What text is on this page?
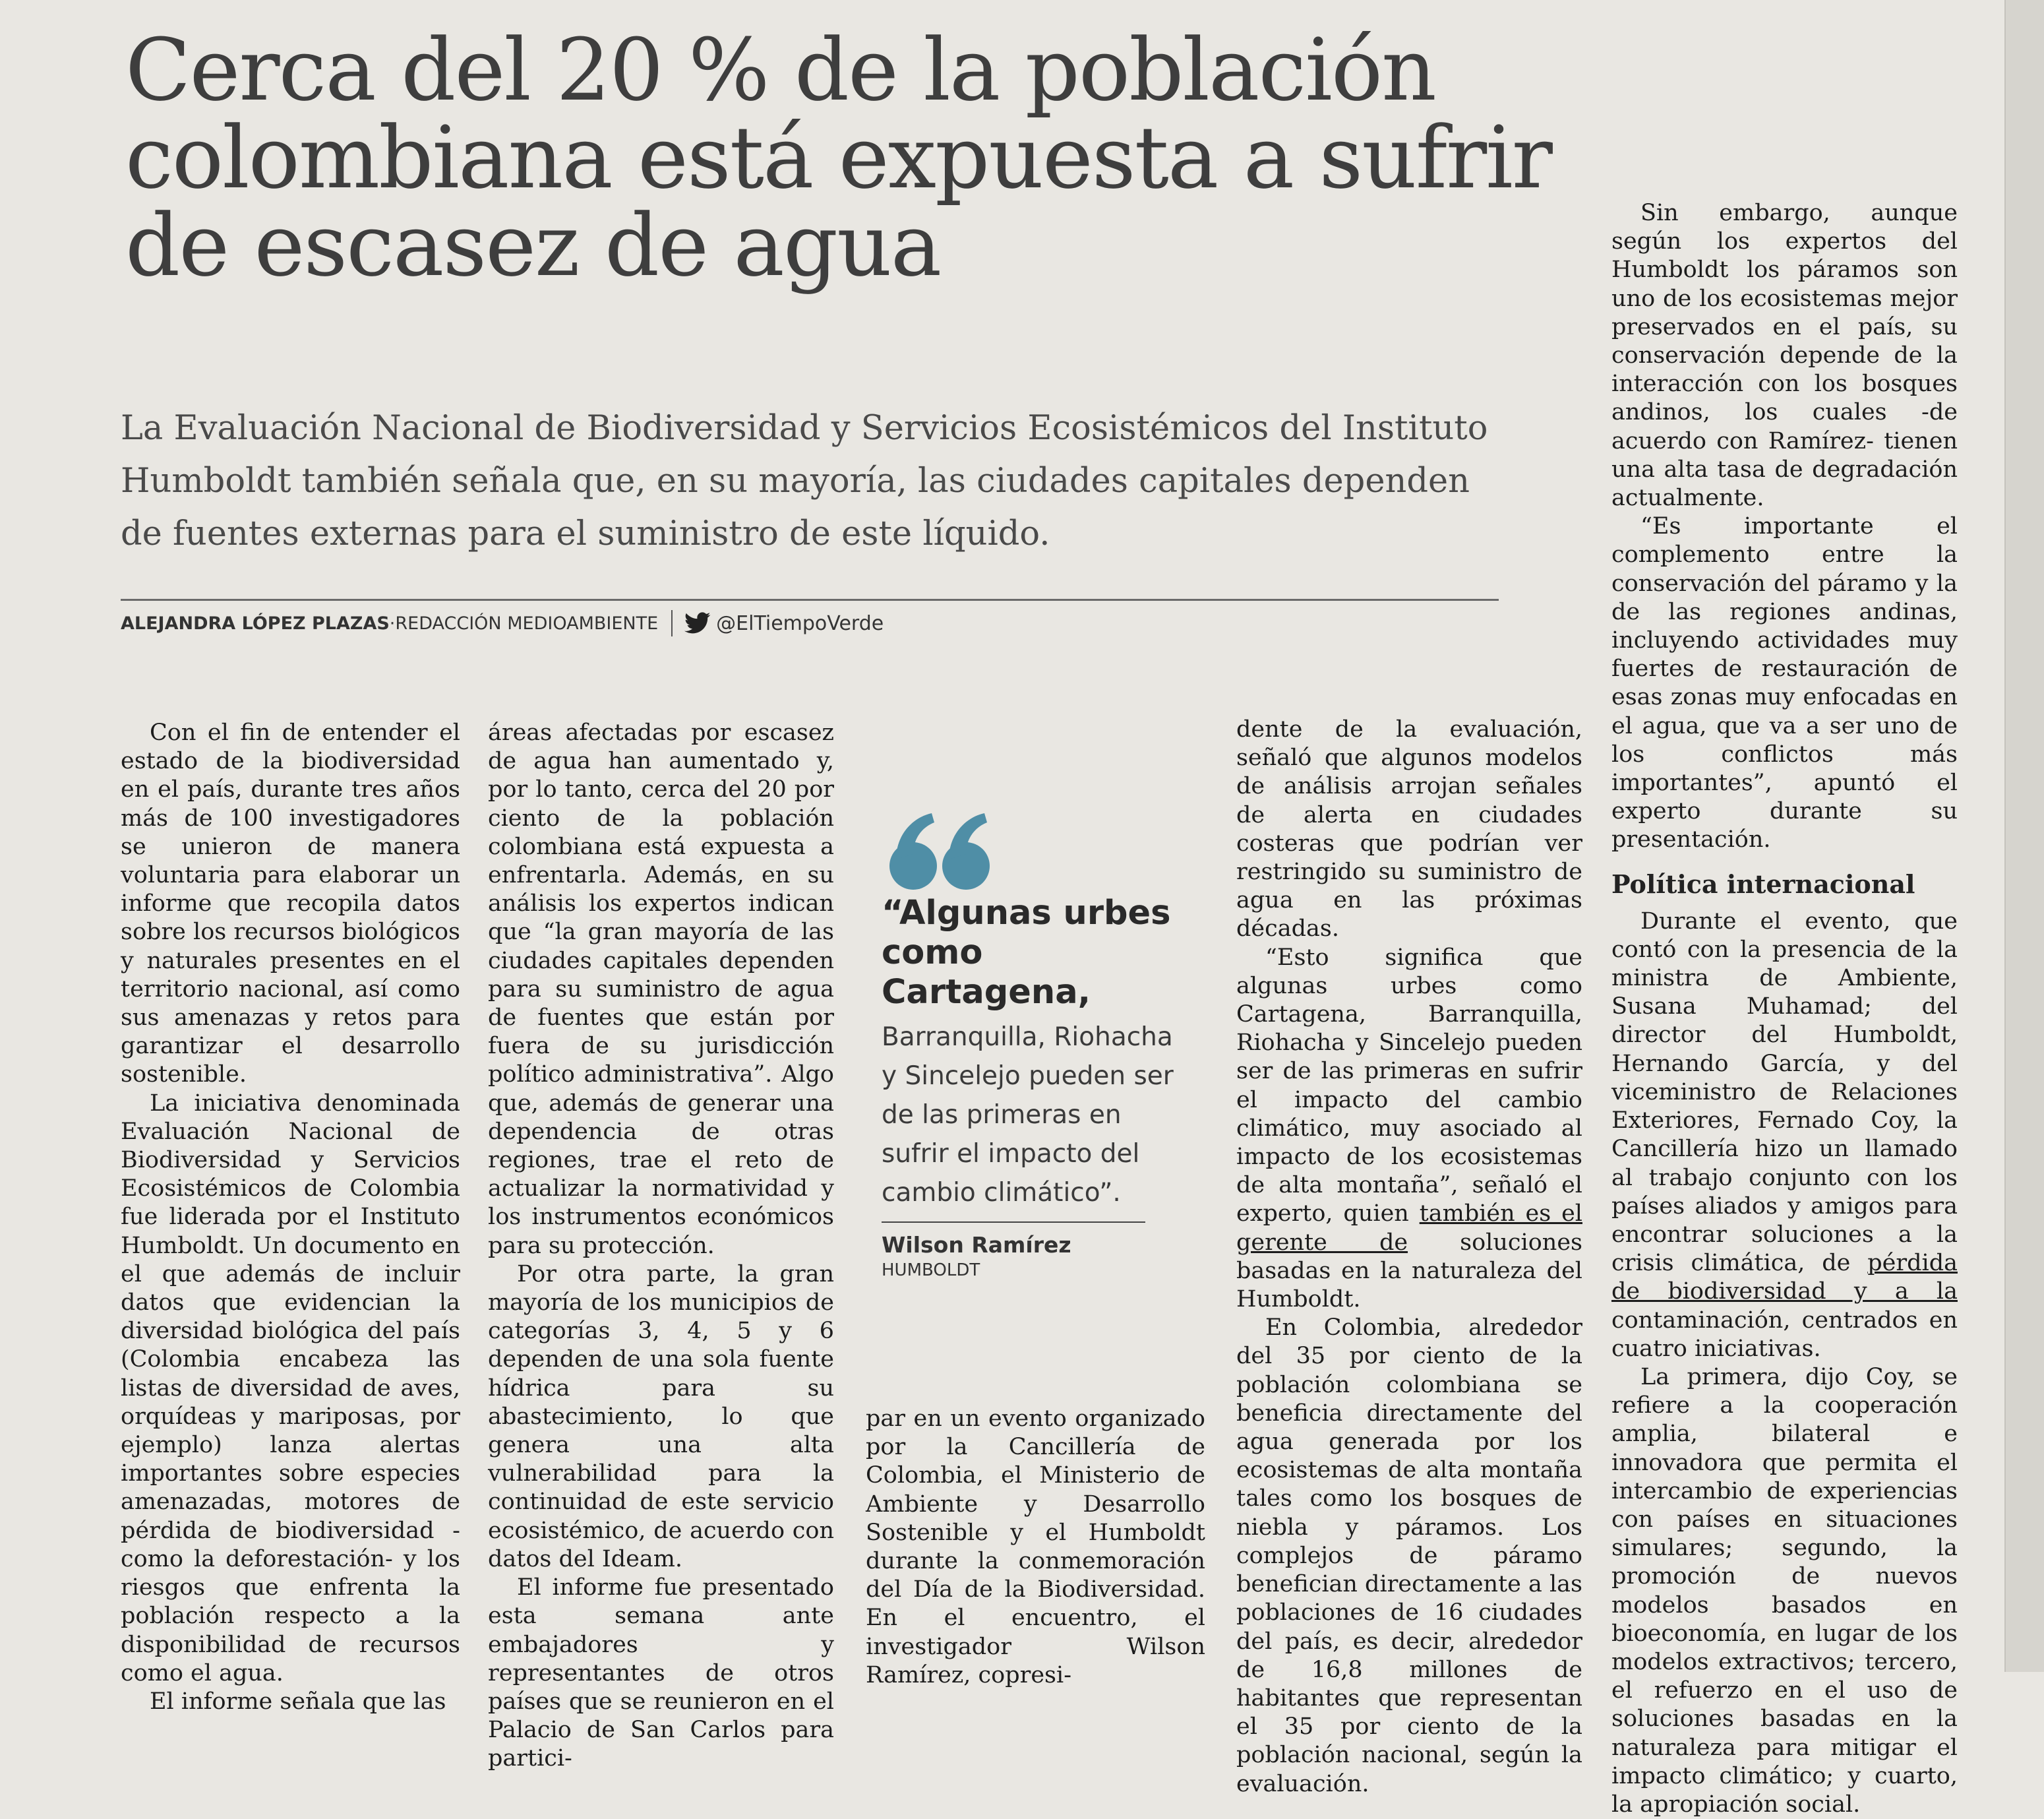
Cerca del 20 % de la población colombiana está expuesta a sufrir de escasez de agua

La Evaluación Nacional de Biodiversidad y Servicios Ecosistémicos del Instituto Humboldt también señala que, en su mayoría, las ciudades capitales dependen de fuentes externas para el suministro de este líquido.

ALEJANDRA LÓPEZ PLAZAS ·REDACCIÓN MEDIOAMBIENTE	@ElTiempoVerde

Con el fin de entender el estado de la biodiversidad en el país, durante tres años más de 100 investigadores se unieron de manera voluntaria para elaborar un informe que recopila datos sobre los recursos biológicos y naturales presentes en el territorio nacional, así como sus amenazas y retos para garantizar el desarrollo sostenible.

La iniciativa denominada Evaluación Nacional de Biodiversidad y Servicios Ecosistémicos de Colombia fue liderada por el Instituto Humboldt. Un documento en el que además de incluir datos que evidencian la diversidad biológica del país (Colombia encabeza las listas de diversidad de aves, orquídeas y mariposas, por ejemplo) lanza alertas importantes sobre especies amenazadas, motores de pérdida de biodiversidad -como la deforestación- y los riesgos que enfrenta la población respecto a la disponibilidad de recursos como el agua.

El informe señala que las

áreas afectadas por escasez de agua han aumentado y, por lo tanto, cerca del 20 por ciento de la población colombiana está expuesta a enfrentarla. Además, en su análisis los expertos indican que “la gran mayoría de las ciudades capitales dependen para su suministro de agua de fuentes que están por fuera de su jurisdicción político administrativa”. Algo que, además de generar una dependencia de otras regiones, trae el reto de actualizar la normatividad y los instrumentos económicos para su protección.

Por otra parte, la gran mayoría de los municipios de categorías 3, 4, 5 y 6 dependen de una sola fuente hídrica para su abastecimiento, lo que genera una alta vulnerabilidad para la continuidad de este servicio ecosistémico, de acuerdo con datos del Ideam.

El informe fue presentado esta semana ante embajadores y representantes de otros países que se reunieron en el Palacio de San Carlos para partici-

“Algunas urbes como Cartagena,

Barranquilla, Riohacha y Sincelejo pueden ser de las primeras en sufrir el impacto del cambio climático”.

Wilson Ramírez

HUMBOLDT

par en un evento organizado por la Cancillería de Colombia, el Ministerio de Ambiente y Desarrollo Sostenible y el Humboldt durante la conmemoración del Día de la Biodiversidad. En el encuentro, el investigador Wilson Ramírez, copresi-

dente de la evaluación, señaló que algunos modelos de análisis arrojan señales de alerta en ciudades costeras que podrían ver restringido su suministro de agua en las próximas décadas.

“Esto significa que algunas urbes como Cartagena, Barranquilla, Riohacha y Sincelejo pueden ser de las primeras en sufrir el impacto del cambio climático, muy asociado al impacto de los ecosistemas de alta montaña”, señaló el experto, quien también es el gerente de soluciones basadas en la naturaleza del Humboldt.

En Colombia, alrededor del 35 por ciento de la población colombiana se beneficia directamente del agua generada por los ecosistemas de alta montaña tales como los bosques de niebla y páramos. Los complejos de páramo benefician directamente a las poblaciones de 16 ciudades del país, es decir, alrededor de 16,8 millones de habitantes que representan el 35 por ciento de la población nacional, según la evaluación.

Sin embargo, aunque según los expertos del Humboldt los páramos son uno de los ecosistemas mejor preservados en el país, su conservación depende de la interacción con los bosques andinos, los cuales -de acuerdo con Ramírez- tienen una alta tasa de degradación actualmente.

“Es importante el complemento entre la conservación del páramo y la de las regiones andinas, incluyendo actividades muy fuertes de restauración de esas zonas muy enfocadas en el agua, que va a ser uno de los conflictos más importantes”, apuntó el experto durante su presentación.

Política internacional

Durante el evento, que contó con la presencia de la ministra de Ambiente, Susana Muhamad; del director del Humboldt, Hernando García, y del viceministro de Relaciones Exteriores, Fernado Coy, la Cancillería hizo un llamado al trabajo conjunto con los países aliados y amigos para encontrar soluciones a la crisis climática, de pérdida de biodiversidad y a la contaminación, centrados en cuatro iniciativas.

La primera, dijo Coy, se refiere a la cooperación amplia, bilateral e innovadora que permita el intercambio de experiencias con países en situaciones simulares; segundo, la promoción de nuevos modelos basados en bioeconomía, en lugar de los modelos extractivos; tercero, el refuerzo en el uso de soluciones basadas en la naturaleza para mitigar el impacto climático; y cuarto, la apropiación social.
